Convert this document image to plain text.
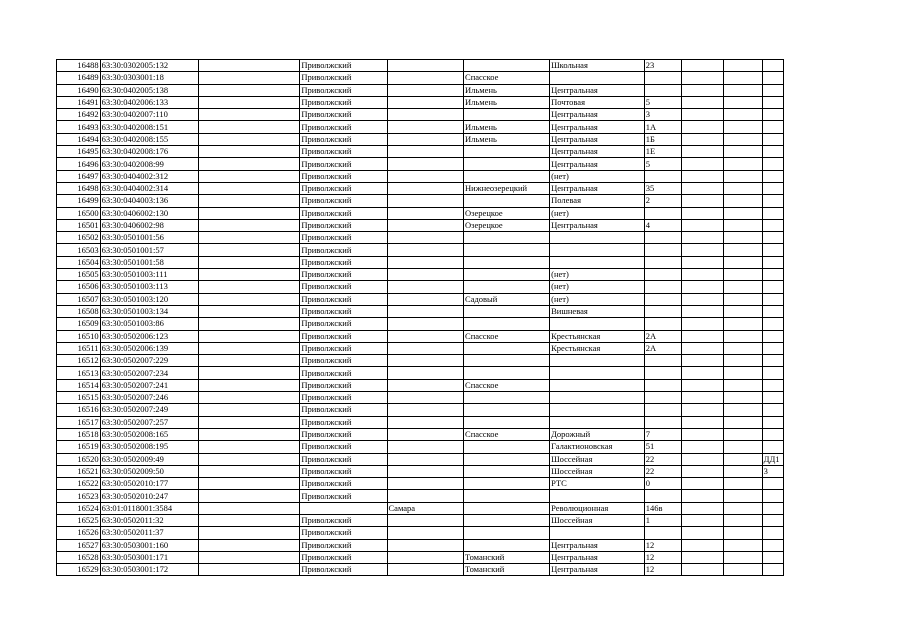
16488	63:30:0302005:132		Приволжский			Школьная	23			
16489	63:30:0303001:18		Приволжский		Спасское					
16490	63:30:0402005:138		Приволжский		Ильмень	Центральная				
16491	63:30:0402006:133		Приволжский		Ильмень	Почтовая	5			
16492	63:30:0402007:110		Приволжский			Центральная	3			
16493	63:30:0402008:151		Приволжский		Ильмень	Центральная	1А			
16494	63:30:0402008:155		Приволжский		Ильмень	Центральная	1Б			
16495	63:30:0402008:176		Приволжский			Центральная	1Е			
16496	63:30:0402008:99		Приволжский			Центральная	5			
16497	63:30:0404002:312		Приволжский			(нет)				
16498	63:30:0404002:314		Приволжский		Нижнеозерецкий	Центральная	35			
16499	63:30:0404003:136		Приволжский			Полевая	2			
16500	63:30:0406002:130		Приволжский		Озерецкое	(нет)				
16501	63:30:0406002:98		Приволжский		Озерецкое	Центральная	4			
16502	63:30:0501001:56		Приволжский							
16503	63:30:0501001:57		Приволжский							
16504	63:30:0501001:58		Приволжский							
16505	63:30:0501003:111		Приволжский			(нет)				
16506	63:30:0501003:113		Приволжский			(нет)				
16507	63:30:0501003:120		Приволжский		Садовый	(нет)				
16508	63:30:0501003:134		Приволжский			Вишневая				
16509	63:30:0501003:86		Приволжский							
16510	63:30:0502006:123		Приволжский		Спасское	Крестьянская	2А			
16511	63:30:0502006:139		Приволжский			Крестьянская	2А			
16512	63:30:0502007:229		Приволжский							
16513	63:30:0502007:234		Приволжский							
16514	63:30:0502007:241		Приволжский		Спасское					
16515	63:30:0502007:246		Приволжский							
16516	63:30:0502007:249		Приволжский							
16517	63:30:0502007:257		Приволжский							
16518	63:30:0502008:165		Приволжский		Спасское	Дорожный	7			
16519	63:30:0502008:195		Приволжский			Галактионовская	51			
16520	63:30:0502009:49		Приволжский			Шоссейная	22			ДД1
16521	63:30:0502009:50		Приволжский			Шоссейная	22			3
16522	63:30:0502010:177		Приволжский			РТС	0			
16523	63:30:0502010:247		Приволжский							
16524	63:01:0118001:3584			Самара		Революционная	146в			
16525	63:30:0502011:32		Приволжский			Шоссейная	1			
16526	63:30:0502011:37		Приволжский							
16527	63:30:0503001:160		Приволжский			Центральная	12			
16528	63:30:0503001:171		Приволжский		Томанский	Центральная	12			
16529	63:30:0503001:172		Приволжский		Томанский	Центральная	12			
